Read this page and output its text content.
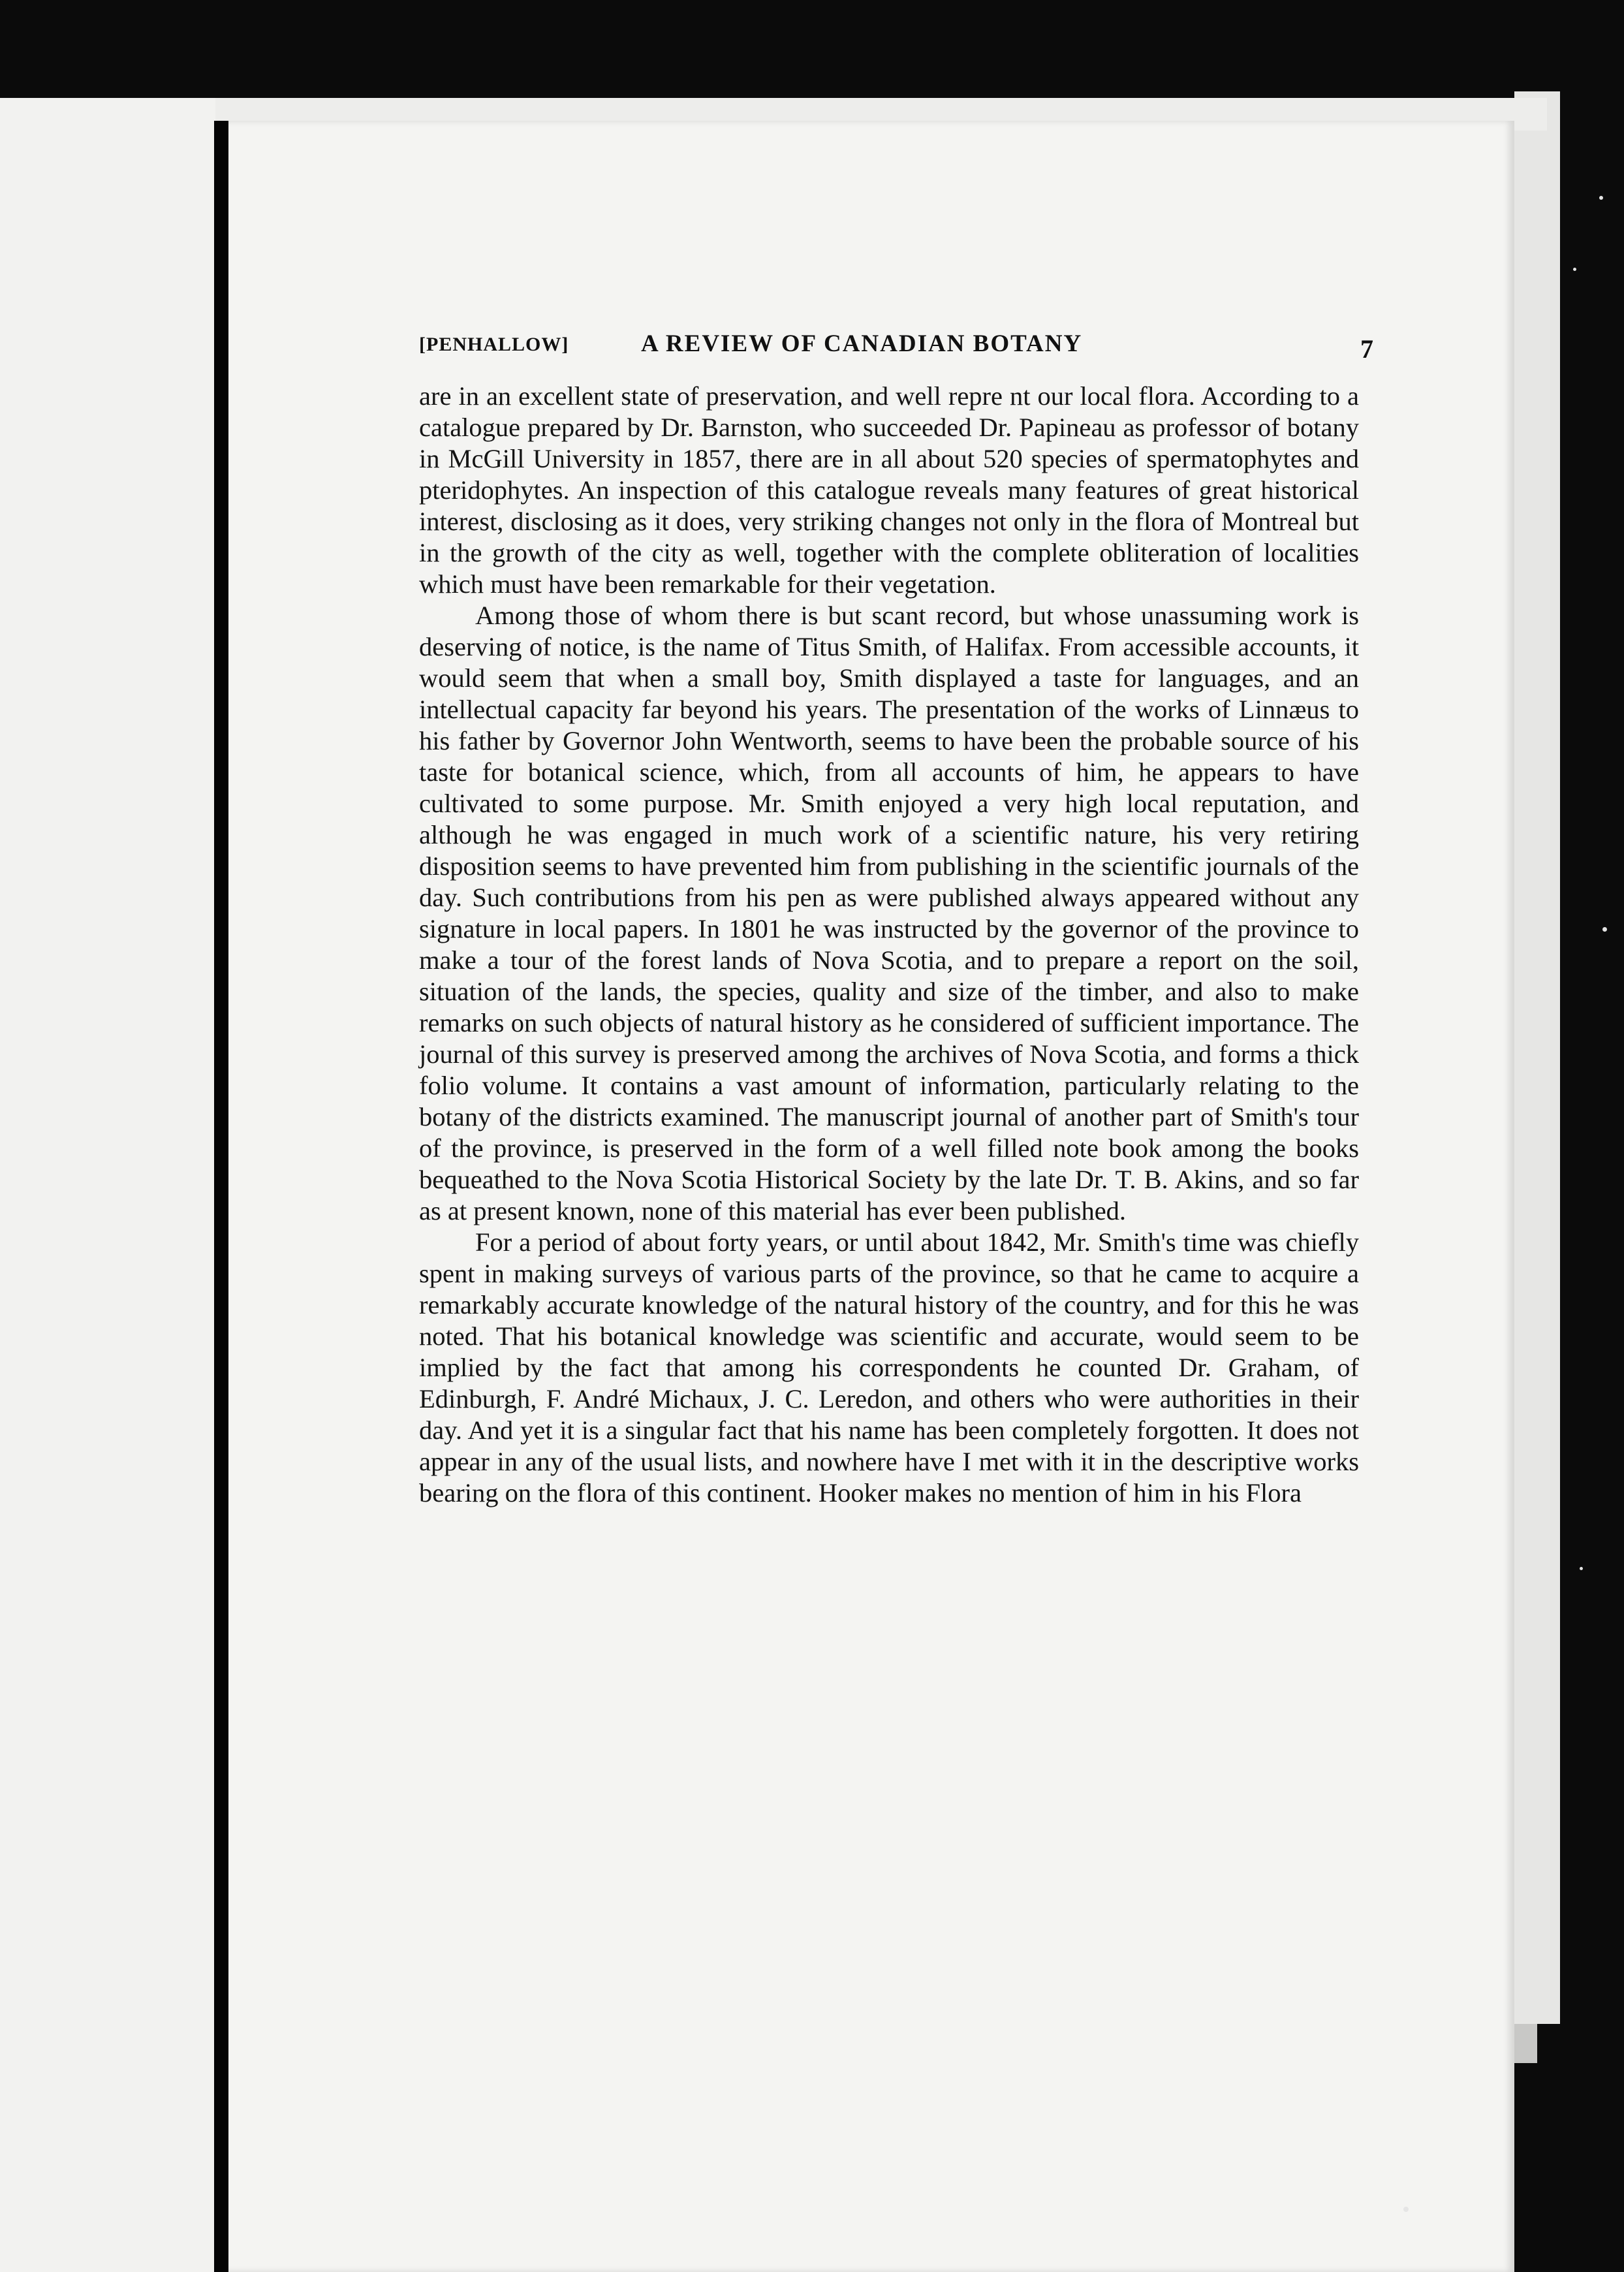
[PENHALLOW]	A REVIEW OF CANADIAN BOTANY	7

are in an excellent state of preservation, and well repre nt our local flora. According to a catalogue prepared by Dr. Barnston, who succeeded Dr. Papineau as professor of botany in McGill University in 1857, there are in all about 520 species of spermatophytes and pteridophytes. An inspection of this catalogue reveals many features of great historical interest, disclosing as it does, very striking changes not only in the flora of Montreal but in the growth of the city as well, together with the complete obliteration of localities which must have been remarkable for their vegetation.

Among those of whom there is but scant record, but whose unassuming work is deserving of notice, is the name of Titus Smith, of Halifax. From accessible accounts, it would seem that when a small boy, Smith displayed a taste for languages, and an intellectual capacity far beyond his years. The presentation of the works of Linnæus to his father by Governor John Wentworth, seems to have been the probable source of his taste for botanical science, which, from all accounts of him, he appears to have cultivated to some purpose. Mr. Smith enjoyed a very high local reputation, and although he was engaged in much work of a scientific nature, his very retiring disposition seems to have prevented him from publishing in the scientific journals of the day. Such contributions from his pen as were published always appeared without any signature in local papers. In 1801 he was instructed by the governor of the province to make a tour of the forest lands of Nova Scotia, and to prepare a report on the soil, situation of the lands, the species, quality and size of the timber, and also to make remarks on such objects of natural history as he considered of sufficient importance. The journal of this survey is preserved among the archives of Nova Scotia, and forms a thick folio volume. It contains a vast amount of information, particularly relating to the botany of the districts examined. The manuscript journal of another part of Smith's tour of the province, is preserved in the form of a well filled note book among the books bequeathed to the Nova Scotia Historical Society by the late Dr. T. B. Akins, and so far as at present known, none of this material has ever been published.

For a period of about forty years, or until about 1842, Mr. Smith's time was chiefly spent in making surveys of various parts of the province, so that he came to acquire a remarkably accurate knowledge of the natural history of the country, and for this he was noted. That his botanical knowledge was scientific and accurate, would seem to be implied by the fact that among his correspondents he counted Dr. Graham, of Edinburgh, F. André Michaux, J. C. Leredon, and others who were authorities in their day. And yet it is a singular fact that his name has been completely forgotten. It does not appear in any of the usual lists, and nowhere have I met with it in the descriptive works bearing on the flora of this continent. Hooker makes no mention of him in his Flora
